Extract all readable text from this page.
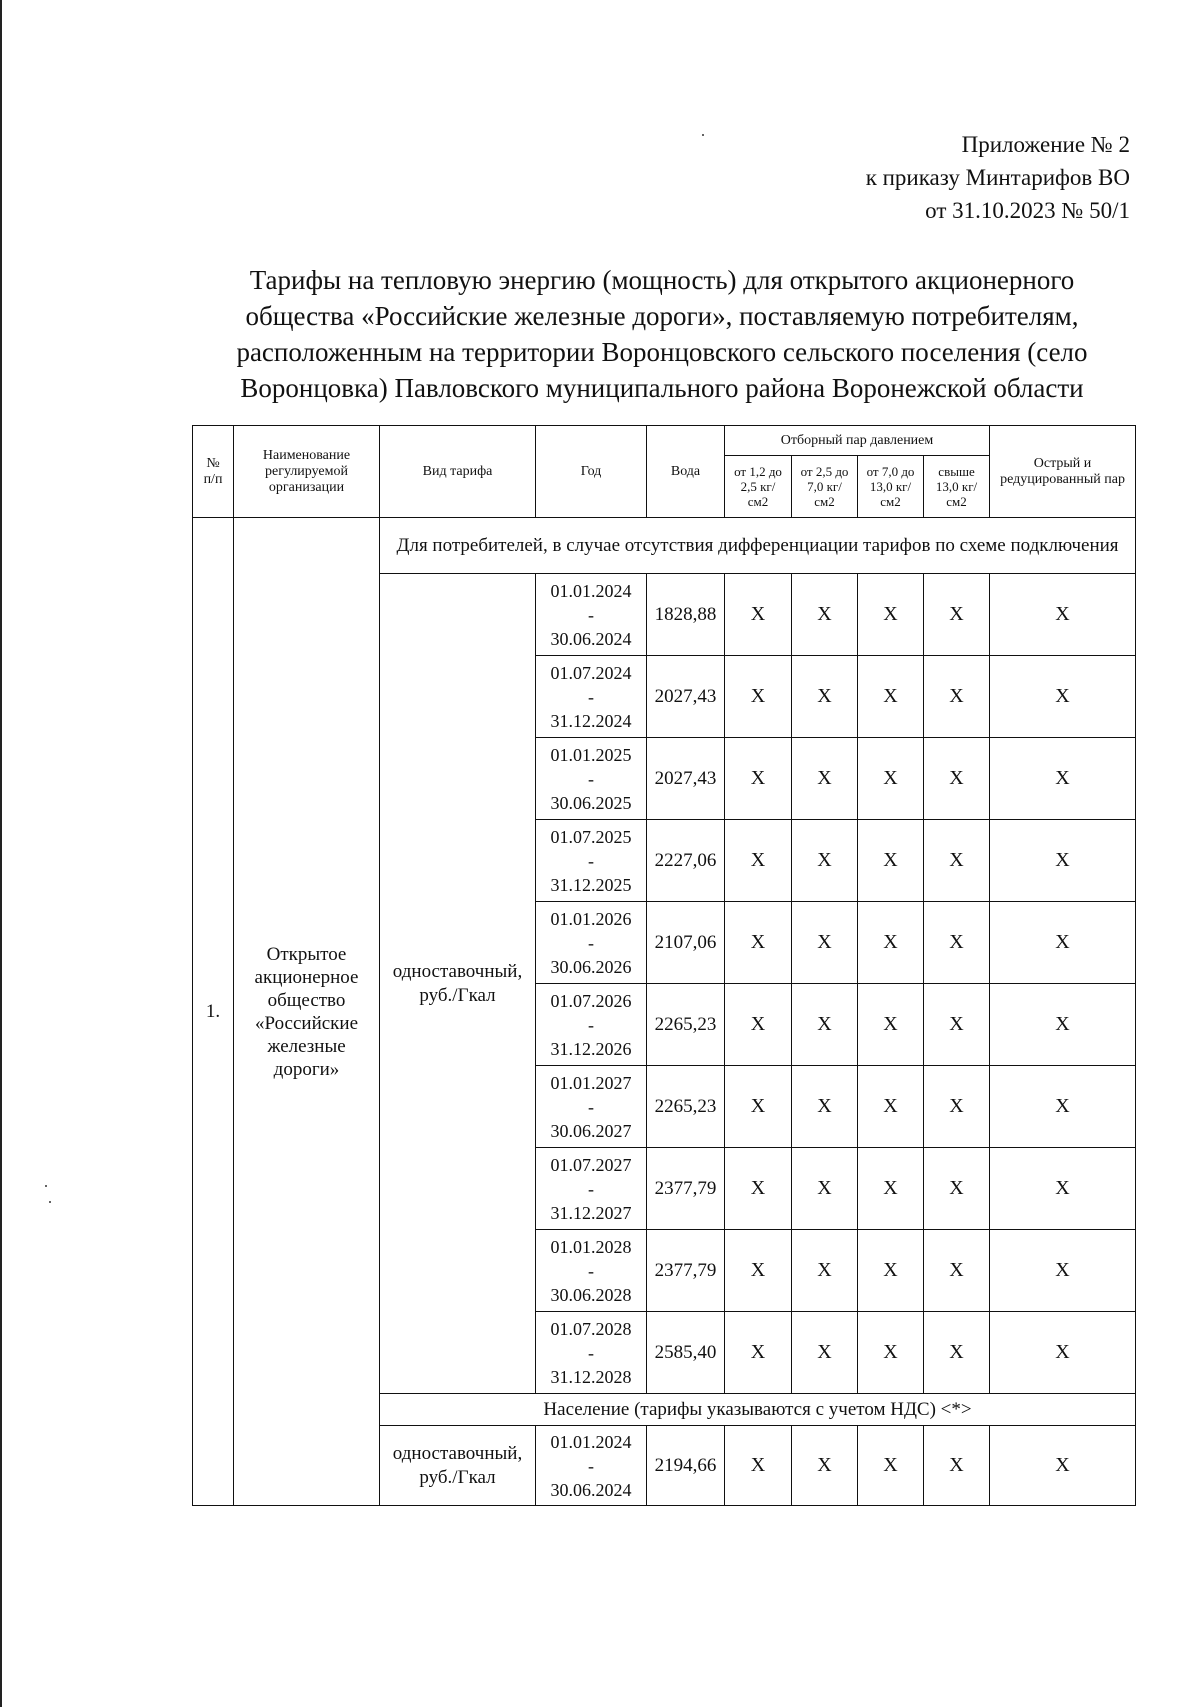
Приложение № 2
к приказу Минтарифов ВО
от 31.10.2023 № 50/1
Тарифы на тепловую энергию (мощность) для открытого акционерного
общества «Российские железные дороги», поставляемую потребителям,
расположенным на территории Воронцовского сельского поселения (село
Воронцовка) Павловского муниципального района Воронежской области
№
п/п	Наименование регулируемой организации	Вид тарифа	Год	Вода	Отборный пар давлением				Острый и редуцированный пар
					от 1,2 до 2,5 кг/см2	от 2,5 до 7,0 кг/см2	от 7,0 до 13,0 кг/см2	свыше 13,0 кг/см2	
1.	Открытое акционерное общество «Российские железные дороги»	Для потребителей, в случае отсутствия дифференциации тарифов по схеме подключения							
		одноставочный, руб./Гкал	01.01.2024
-
30.06.2024	1828,88	X	X	X	X	X

			01.07.2024
-
31.12.2024	2027,43	X	X	X	X	X

			01.01.2025
-
30.06.2025	2027,43	X	X	X	X	X

			01.07.2025
-
31.12.2025	2227,06	X	X	X	X	X

			01.01.2026
-
30.06.2026	2107,06	X	X	X	X	X

			01.07.2026
-
31.12.2026	2265,23	X	X	X	X	X

			01.01.2027
-
30.06.2027	2265,23	X	X	X	X	X

			01.07.2027
-
31.12.2027	2377,79	X	X	X	X	X

			01.01.2028
-
30.06.2028	2377,79	X	X	X	X	X

			01.07.2028
-
31.12.2028	2585,40	X	X	X	X	X
		Население (тарифы указываются с учетом НДС) <*>							
		одноставочный, руб./Гкал	01.01.2024
-
30.06.2024	2194,66	X	X	X	X	X
